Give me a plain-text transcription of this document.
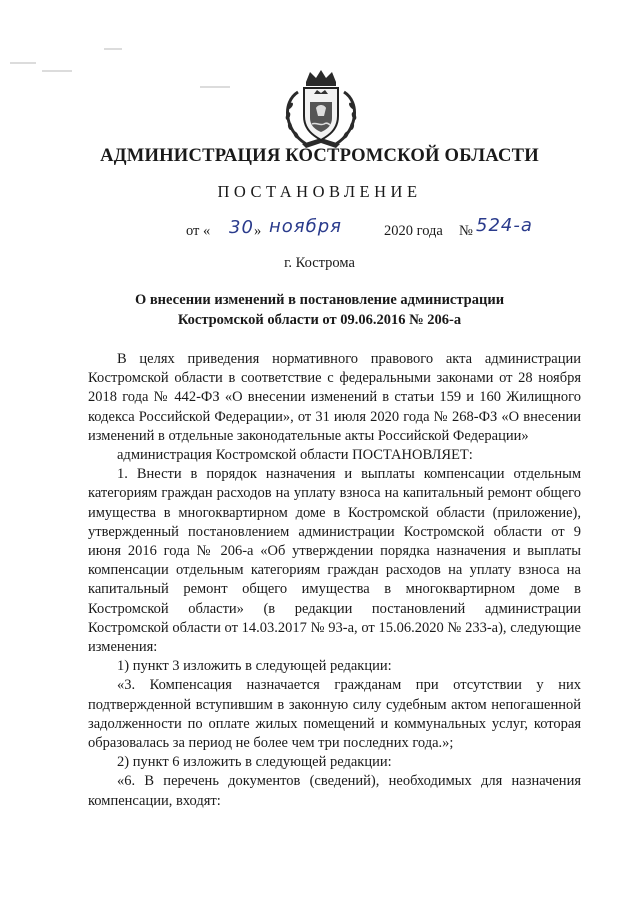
АДМИНИСТРАЦИЯ КОСТРОМСКОЙ ОБЛАСТИ
ПОСТАНОВЛЕНИЕ
от « 30 » ноября	2020 года № 524-а
г. Кострома
О внесении изменений в постановление администрации
Костромской области от 09.06.2016 № 206-а

В целях приведения нормативного правового акта администрации Костромской области в соответствие с федеральными законами от 28 ноября 2018 года № 442-ФЗ «О внесении изменений в статьи 159 и 160 Жилищного кодекса Российской Федерации», от 31 июля 2020 года № 268-ФЗ «О внесении изменений в отдельные законодательные акты Российской Федерации»

администрация Костромской области ПОСТАНОВЛЯЕТ:

1. Внести в порядок назначения и выплаты компенсации отдельным категориям граждан расходов на уплату взноса на капитальный ремонт общего имущества в многоквартирном доме в Костромской области (приложение), утвержденный постановлением администрации Костромской области от 9 июня 2016 года № 206-а «Об утверждении порядка назначения и выплаты компенсации отдельным категориям граждан расходов на уплату взноса на капитальный ремонт общего имущества в многоквартирном доме в Костромской области» (в редакции постановлений администрации Костромской области от 14.03.2017 № 93-а, от 15.06.2020 № 233-а), следующие изменения:

1) пункт 3 изложить в следующей редакции:

«3. Компенсация назначается гражданам при отсутствии у них подтвержденной вступившим в законную силу судебным актом непогашенной задолженности по оплате жилых помещений и коммунальных услуг, которая образовалась за период не более чем три последних года.»;

2) пункт 6 изложить в следующей редакции:

«6. В перечень документов (сведений), необходимых для назначения компенсации, входят:
